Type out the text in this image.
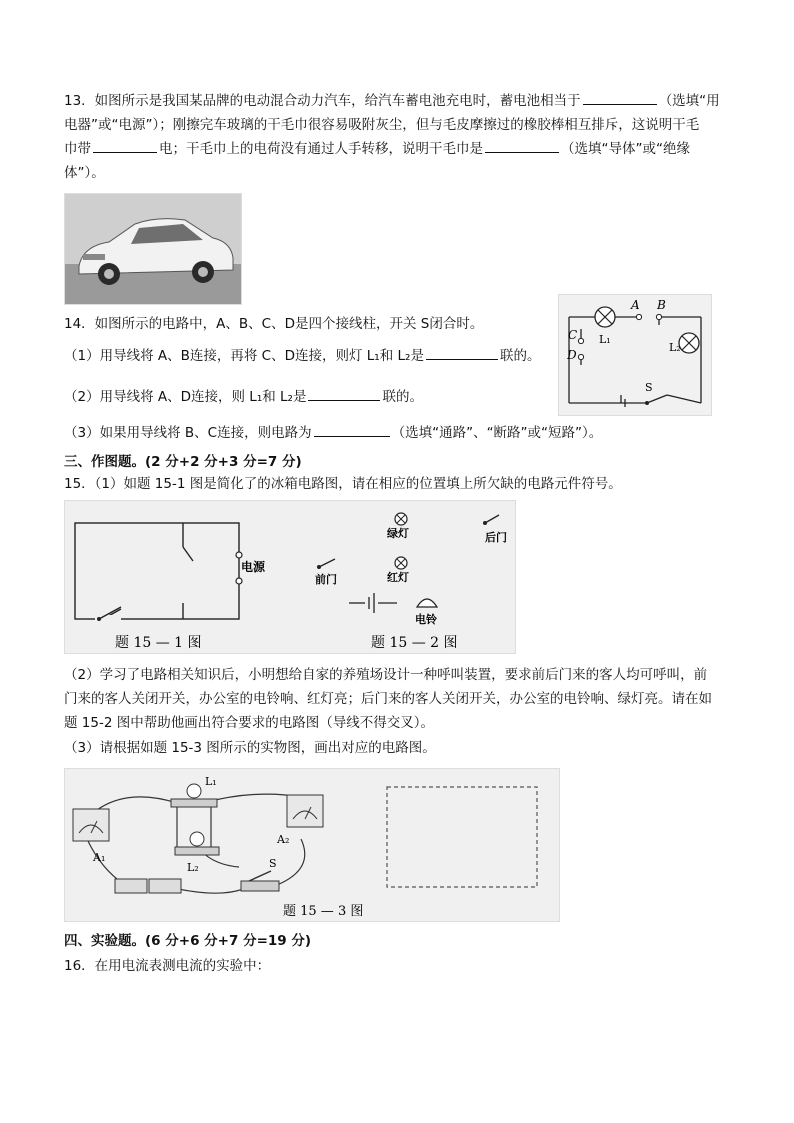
13．如图所示是我国某品牌的电动混合动力汽车，给汽车蓄电池充电时，蓄电池相当于	（选填“用
电器”或“电源”）；刚擦完车玻璃的干毛巾很容易吸附灰尘，但与毛皮摩擦过的橡胶棒相互排斥，这说明干毛
巾带	电；干毛巾上的电荷没有通过人手转移，说明干毛巾是	（选填“导体”或“绝缘
体”）。
14．如图所示的电路中，A、B、C、D是四个接线柱，开关 S闭合时。
（1）用导线将 A、B连接，再将 C、D连接，则灯 L₁和 L₂是	联的。
（2）用导线将 A、D连接，则 L₁和 L₂是	联的。
（3）如果用导线将 B、C连接，则电路为	（选填“通路”、“断路”或“短路”）。
A B
C
D
L₁
L₂
S
三、作图题。(2 分+2 分+3 分=7 分)
15．（1）如题 15-1 图是简化了的冰箱电路图，请在相应的位置填上所欠缺的电路元件符号。
电源
题 15 — 1 图
前门
后门
绿灯
红灯
电铃
题 15 — 2 图
（2）学习了电路相关知识后，小明想给自家的养殖场设计一种呼叫装置，要求前后门来的客人均可呼叫，前
门来的客人关闭开关，办公室的电铃响、红灯亮；后门来的客人关闭开关，办公室的电铃响、绿灯亮。请在如
题 15-2 图中帮助他画出符合要求的电路图（导线不得交叉）。
（3）请根据如题 15-3 图所示的实物图，画出对应的电路图。
L₁
L₂
A₁
A₂
S
题 15 — 3 图
四、实验题。(6 分+6 分+7 分=19 分)
16．在用电流表测电流的实验中：
